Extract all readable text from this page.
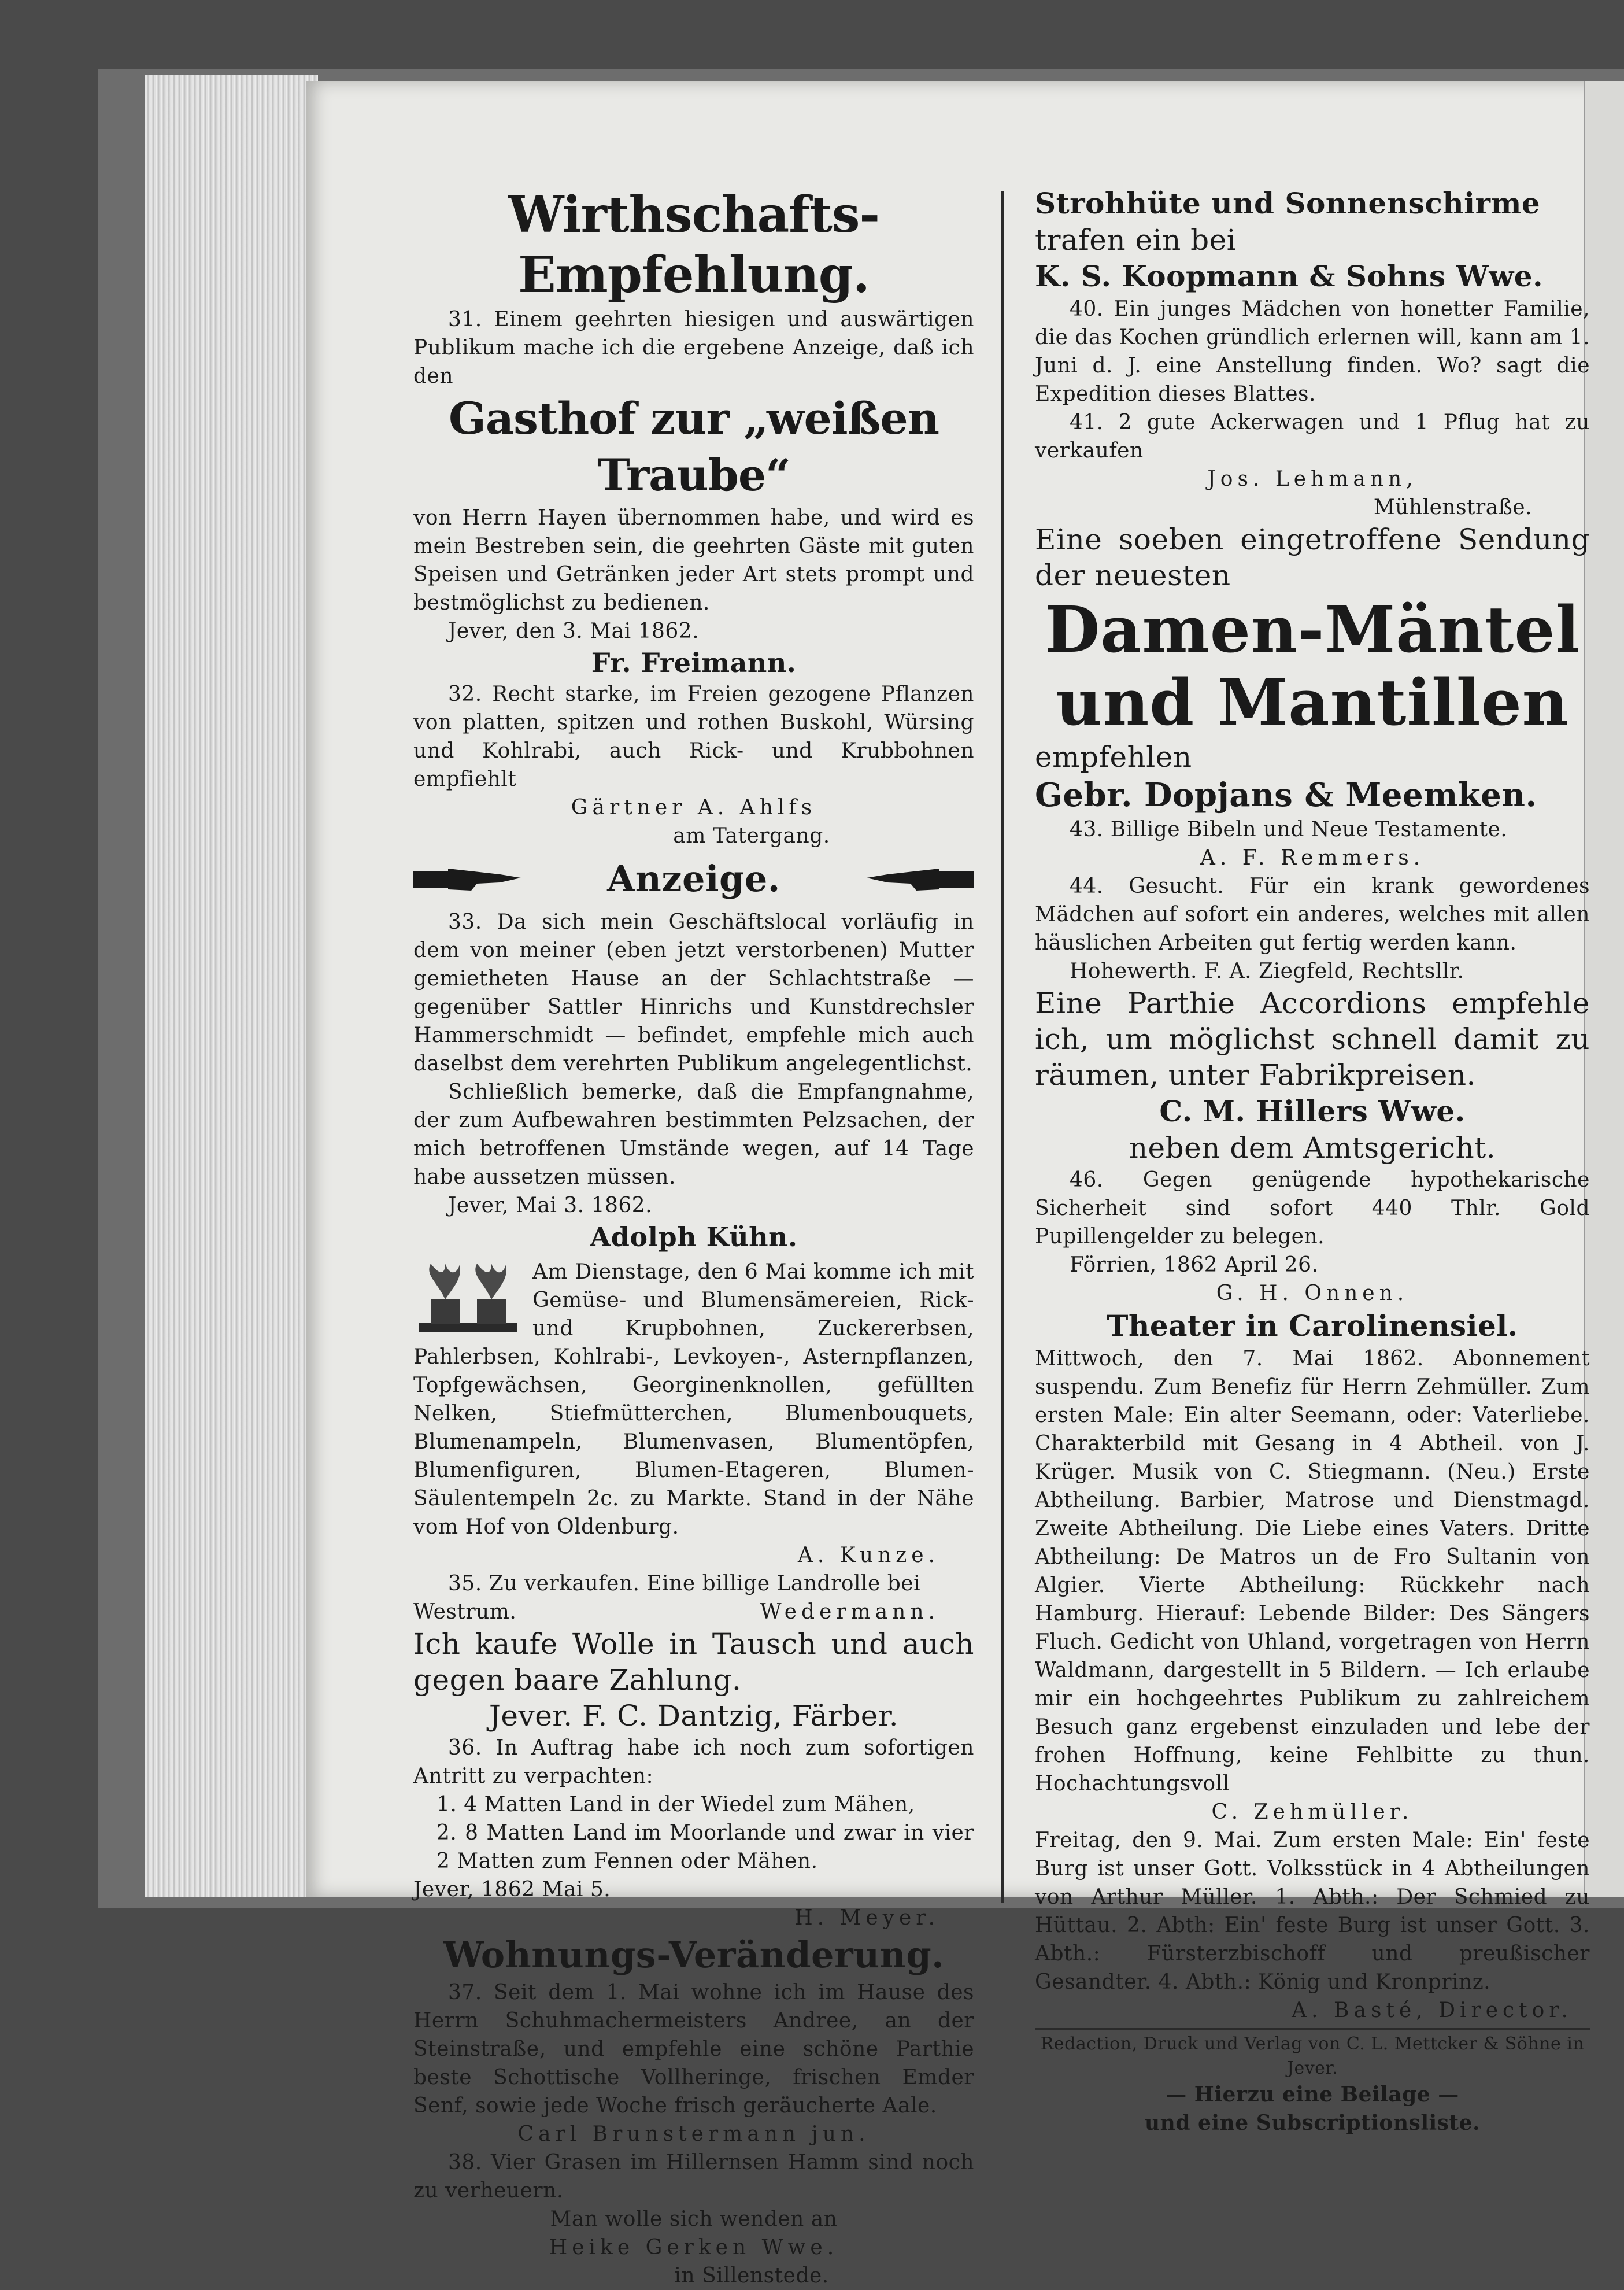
Wirthschafts-Empfehlung.

31. Einem geehrten hiesigen und auswärtigen Publikum mache ich die ergebene Anzeige, daß ich den

Gasthof zur „weißen Traube“

von Herrn Hayen übernommen habe, und wird es mein Bestreben sein, die geehrten Gäste mit guten Speisen und Getränken jeder Art stets prompt und bestmöglichst zu bedienen.

Jever, den 3. Mai 1862.

Fr. Freimann.

32. Recht starke, im Freien gezogene Pflanzen von platten, spitzen und rothen Buskohl, Würsing und Kohlrabi, auch Rick- und Krubbohnen empfiehlt

Gärtner A. Ahlfs

am Tatergang.

Anzeige.

33. Da sich mein Geschäftslocal vorläufig in dem von meiner (eben jetzt verstorbenen) Mutter gemietheten Hause an der Schlachtstraße — gegenüber Sattler Hinrichs und Kunstdrechsler Hammerschmidt — befindet, empfehle mich auch daselbst dem verehrten Publikum angelegentlichst.

Schließlich bemerke, daß die Empfangnahme, der zum Aufbewahren bestimmten Pelzsachen, der mich betroffenen Umstände wegen, auf 14 Tage habe aussetzen müssen.

Jever, Mai 3. 1862.

Adolph Kühn.

Am Dienstage, den 6 Mai komme ich mit Gemüse- und Blumensämereien, Rick- und Krupbohnen, Zuckererbsen, Pahlerbsen, Kohlrabi-, Levkoyen-, Asternpflanzen, Topfgewächsen, Georginenknollen, gefüllten Nelken, Stiefmütterchen, Blumenbouquets, Blumenampeln, Blumenvasen, Blumentöpfen, Blumenfiguren, Blumen-Etageren, Blumen-Säulentempeln 2c. zu Markte. Stand in der Nähe vom Hof von Oldenburg.

A. Kunze.

35. Zu verkaufen. Eine billige Landrolle bei

Westrum.	Wedermann.

Ich kaufe Wolle in Tausch und auch gegen baare Zahlung.

Jever. F. C. Dantzig, Färber.

36. In Auftrag habe ich noch zum sofortigen Antritt zu verpachten:

1. 4 Matten Land in der Wiedel zum Mähen,

2. 8 Matten Land im Moorlande und zwar in vier 2 Matten zum Fennen oder Mähen.

Jever, 1862 Mai 5.

H. Meyer.

Wohnungs-Veränderung.

37. Seit dem 1. Mai wohne ich im Hause des Herrn Schuhmachermeisters Andree, an der Steinstraße, und empfehle eine schöne Parthie beste Schottische Vollheringe, frischen Emder Senf, sowie jede Woche frisch geräucherte Aale.

Carl Brunstermann jun.

38. Vier Grasen im Hillernsen Hamm sind noch zu verheuern.

Man wolle sich wenden an

Heike Gerken Wwe.

in Sillenstede.

Strohhüte und Sonnenschirme

trafen ein bei

K. S. Koopmann & Sohns Wwe.

40. Ein junges Mädchen von honetter Familie, die das Kochen gründlich erlernen will, kann am 1. Juni d. J. eine Anstellung finden. Wo? sagt die Expedition dieses Blattes.

41. 2 gute Ackerwagen und 1 Pflug hat zu verkaufen

Jos. Lehmann,

Mühlenstraße.

Eine soeben eingetroffene Sendung der neuesten

Damen-Mäntel

und Mantillen

empfehlen

Gebr. Dopjans & Meemken.

43. Billige Bibeln und Neue Testamente.

A. F. Remmers.

44. Gesucht. Für ein krank gewordenes Mädchen auf sofort ein anderes, welches mit allen häuslichen Arbeiten gut fertig werden kann.

Hohewerth. F. A. Ziegfeld, Rechtsllr.

Eine Parthie Accordions empfehle ich, um möglichst schnell damit zu räumen, unter Fabrikpreisen.

C. M. Hillers Wwe.

neben dem Amtsgericht.

46. Gegen genügende hypothekarische Sicherheit sind sofort 440 Thlr. Gold Pupillengelder zu belegen.

Förrien, 1862 April 26.

G. H. Onnen.

Theater in Carolinensiel.

Mittwoch, den 7. Mai 1862. Abonnement suspendu. Zum Benefiz für Herrn Zehmüller. Zum ersten Male: Ein alter Seemann, oder: Vaterliebe. Charakterbild mit Gesang in 4 Abtheil. von J. Krüger. Musik von C. Stiegmann. (Neu.) Erste Abtheilung. Barbier, Matrose und Dienstmagd. Zweite Abtheilung. Die Liebe eines Vaters. Dritte Abtheilung: De Matros un de Fro Sultanin von Algier. Vierte Abtheilung: Rückkehr nach Hamburg. Hierauf: Lebende Bilder: Des Sängers Fluch. Gedicht von Uhland, vorgetragen von Herrn Waldmann, dargestellt in 5 Bildern. — Ich erlaube mir ein hochgeehrtes Publikum zu zahlreichem Besuch ganz ergebenst einzuladen und lebe der frohen Hoffnung, keine Fehlbitte zu thun. Hochachtungsvoll

C. Zehmüller.

Freitag, den 9. Mai. Zum ersten Male: Ein' feste Burg ist unser Gott. Volksstück in 4 Abtheilungen von Arthur Müller. 1. Abth.: Der Schmied zu Hüttau. 2. Abth: Ein' feste Burg ist unser Gott. 3. Abth.: Fürsterzbischoff und preußischer Gesandter. 4. Abth.: König und Kronprinz.

A. Basté, Director.

Redaction, Druck und Verlag von C. L. Mettcker & Söhne in Jever.

— Hierzu eine Beilage —

und eine Subscriptionsliste.
